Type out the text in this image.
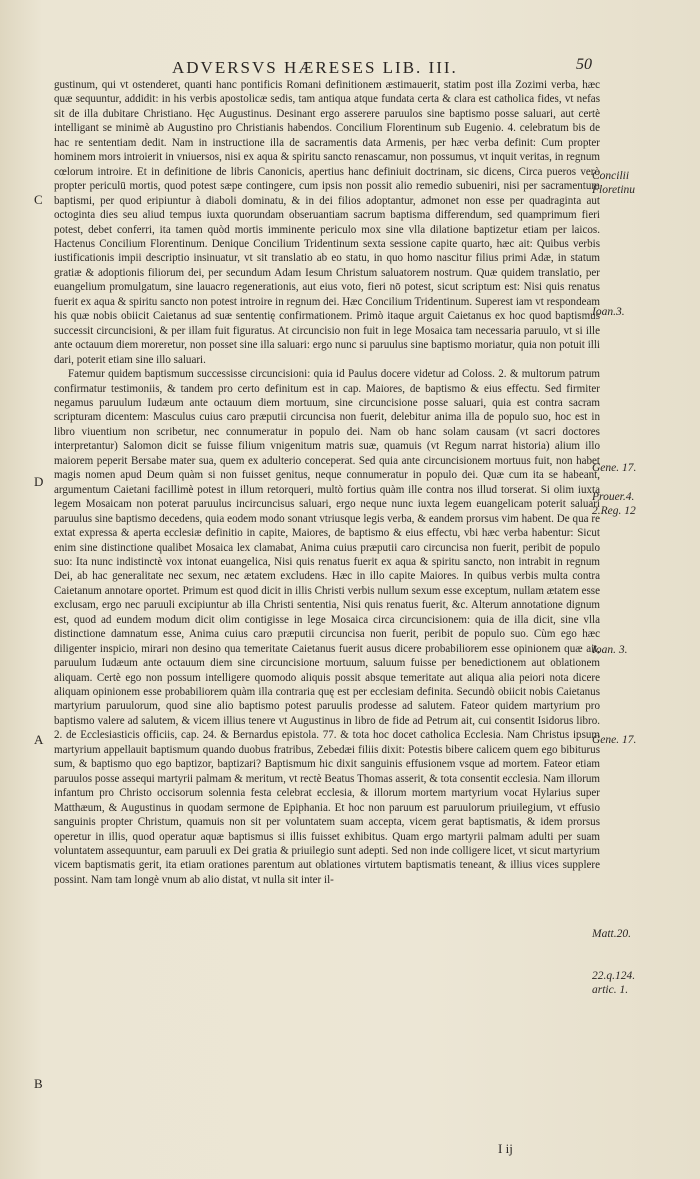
ADVERSVS HÆRESES LIB. III.	50

gustinum, qui vt ostenderet, quanti hanc pontificis Romani definitionem æstimauerit, statim post illa Zozimi verba, hæc quæ sequuntur, addidit: in his verbis apostolicæ sedis, tam antiqua atque fundata certa & clara est catholica fides, vt nefas sit de illa dubitare Christiano. Hęc Augustinus. Desinant ergo asserere paruulos sine baptismo posse saluari, aut certè intelligant se minimè ab Augustino pro Christianis habendos. Concilium Florentinum sub Eugenio. 4. celebratum bis de hac re sententiam dedit. Nam in instructione illa de sacramentis data Armenis, per hæc verba definit: Cum propter hominem mors introierit in vniuersos, nisi ex aqua & spiritu sancto renascamur, non possumus, vt inquit veritas, in regnum cœlorum introire. Et in definitione de libris Canonicis, apertius hanc definiuit doctrinam, sic dicens, Circa pueros verò propter periculū mortis, quod potest sæpe contingere, cum ipsis non possit alio remedio subueniri, nisi per sacramentum baptismi, per quod eripiuntur à diaboli dominatu, & in dei filios adoptantur, admonet non esse per quadraginta aut octoginta dies seu aliud tempus iuxta quorundam obseruantiam sacrum baptisma differendum, sed quamprimum fieri potest, debet conferri, ita tamen quòd mortis imminente periculo mox sine vlla dilatione baptizetur etiam per laicos. Hactenus Concilium Florentinum. Denique Concilium Tridentinum sexta sessione capite quarto, hæc ait: Quibus verbis iustificationis impii descriptio insinuatur, vt sit translatio ab eo statu, in quo homo nascitur filius primi Adæ, in statum gratiæ & adoptionis filiorum dei, per secundum Adam Iesum Christum saluatorem nostrum. Quæ quidem translatio, per euangelium promulgatum, sine lauacro regenerationis, aut eius voto, fieri nō potest, sicut scriptum est: Nisi quis renatus fuerit ex aqua & spiritu sancto non potest introire in regnum dei. Hæc Concilium Tridentinum. Superest iam vt respondeam his quæ nobis obiicit Caietanus ad suæ sententię confirmationem. Primò itaque arguit Caietanus ex hoc quod baptismus successit circuncisioni, & per illam fuit figuratus. At circuncisio non fuit in lege Mosaica tam necessaria paruulo, vt si ille ante octauum diem moreretur, non posset sine illa saluari: ergo nunc si paruulus sine baptismo moriatur, quia non potuit illi dari, poterit etiam sine illo saluari.

Fatemur quidem baptismum successisse circuncisioni: quia id Paulus docere videtur ad Coloss. 2. & multorum patrum confirmatur testimoniis, & tandem pro certo definitum est in cap. Maiores, de baptismo & eius effectu. Sed firmiter negamus paruulum Iudæum ante octauum diem mortuum, sine circuncisione posse saluari, quia est contra sacram scripturam dicentem: Masculus cuius caro præputii circuncisa non fuerit, delebitur anima illa de populo suo, hoc est in libro viuentium non scribetur, nec connumeratur in populo dei. Nam ob hanc solam causam (vt sacri doctores interpretantur) Salomon dicit se fuisse filium vnigenitum matris suæ, quamuis (vt Regum narrat historia) alium illo maiorem peperit Bersabe mater sua, quem ex adulterio conceperat. Sed quia ante circuncisionem mortuus fuit, non habet magis nomen apud Deum quàm si non fuisset genitus, neque connumeratur in populo dei. Quæ cum ita se habeant, argumentum Caietani facillimè potest in illum retorqueri, multò fortius quàm ille contra nos illud torserat. Si olim iuxta legem Mosaicam non poterat paruulus incircuncisus saluari, ergo neque nunc iuxta legem euangelicam poterit saluari paruulus sine baptismo decedens, quia eodem modo sonant vtriusque legis verba, & eandem prorsus vim habent. De qua re extat expressa & aperta ecclesiæ definitio in capite, Maiores, de baptismo & eius effectu, vbi hæc verba habentur: Sicut enim sine distinctione qualibet Mosaica lex clamabat, Anima cuius præputii caro circuncisa non fuerit, peribit de populo suo: Ita nunc indistinctè vox intonat euangelica, Nisi quis renatus fuerit ex aqua & spiritu sancto, non intrabit in regnum Dei, ab hac generalitate nec sexum, nec ætatem excludens. Hæc in illo capite Maiores. In quibus verbis multa contra Caietanum annotare oportet. Primum est quod dicit in illis Christi verbis nullum sexum esse exceptum, nullam ætatem esse exclusam, ergo nec paruuli excipiuntur ab illa Christi sententia, Nisi quis renatus fuerit, &c. Alterum annotatione dignum est, quod ad eundem modum dicit olim contigisse in lege Mosaica circa circuncisionem: quia de illa dicit, sine vlla distinctione damnatum esse, Anima cuius caro præputii circuncisa non fuerit, peribit de populo suo. Cùm ego hæc diligenter inspicio, mirari non desino qua temeritate Caietanus fuerit ausus dicere probabiliorem esse opinionem quæ ait, paruulum Iudæum ante octauum diem sine circuncisione mortuum, saluum fuisse per benedictionem aut oblationem aliquam. Certè ego non possum intelligere quomodo aliquis possit absque temeritate aut aliqua alia peiori nota dicere aliquam opinionem esse probabiliorem quàm illa contraria quę est per ecclesiam definita. Secundò obiicit nobis Caietanus martyrium paruulorum, quod sine alio baptismo potest paruulis prodesse ad salutem. Fateor quidem martyrium pro baptismo valere ad salutem, & vicem illius tenere vt Augustinus in libro de fide ad Petrum ait, cui consentit Isidorus libro. 2. de Ecclesiasticis officiis, cap. 24. & Bernardus epistola. 77. & tota hoc docet catholica Ecclesia. Nam Christus ipsum martyrium appellauit baptismum quando duobus fratribus, Zebedæi filiis dixit: Potestis bibere calicem quem ego bibiturus sum, & baptismo quo ego baptizor, baptizari? Baptismum hic dixit sanguinis effusionem vsque ad mortem. Fateor etiam paruulos posse assequi martyrii palmam & meritum, vt rectè Beatus Thomas asserit, & tota consentit ecclesia. Nam illorum infantum pro Christo occisorum solennia festa celebrat ecclesia, & illorum mortem martyrium vocat Hylarius super Matthæum, & Augustinus in quodam sermone de Epiphania. Et hoc non paruum est paruulorum priuilegium, vt effusio sanguinis propter Christum, quamuis non sit per voluntatem suam accepta, vicem gerat baptismatis, & idem prorsus operetur in illis, quod operatur aquæ baptismus si illis fuisset exhibitus. Quam ergo martyrii palmam adulti per suam voluntatem assequuntur, eam paruuli ex Dei gratia & priuilegio sunt adepti. Sed non inde colligere licet, vt sicut martyrium vicem baptismatis gerit, ita etiam orationes parentum aut oblationes virtutem baptismatis teneant, & illius vices supplere possint. Nam tam longè vnum ab alio distat, vt nulla sit inter il-

C
D
A
B
Concilii
Floretinu
Ioan.3.
Gene. 17.
Prouer.4.
2.Reg. 12
Ioan. 3.
Gene. 17.
Matt.20.
22.q.124.
artic. 1.
I ij
